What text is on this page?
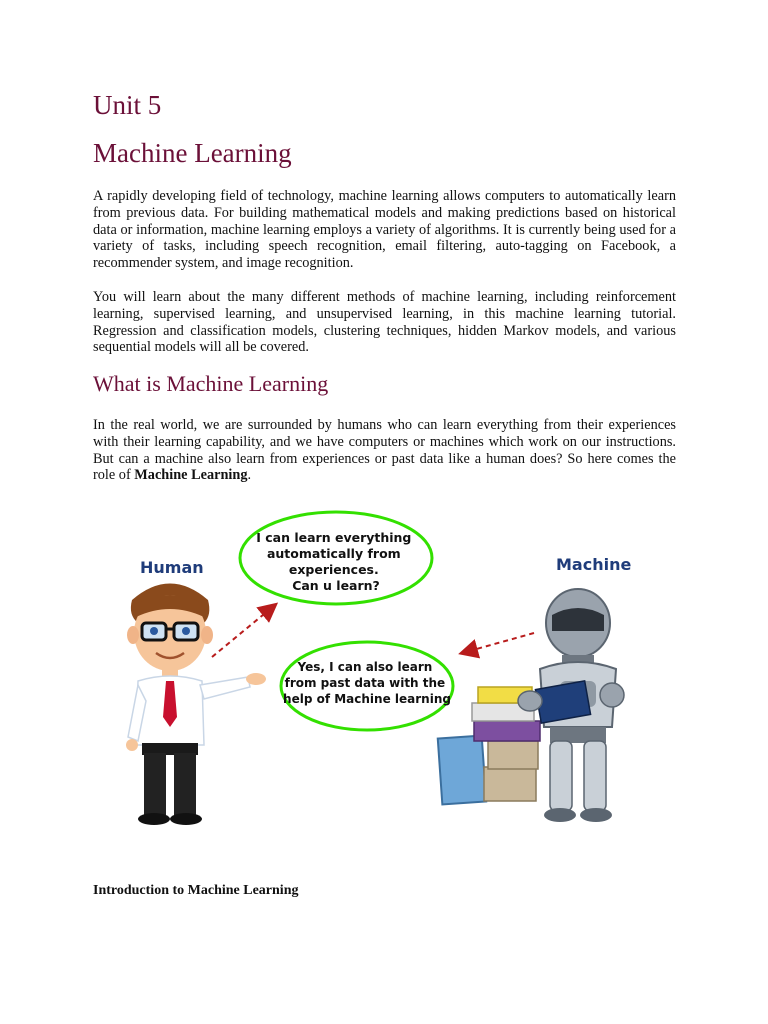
Unit 5
Machine Learning

A rapidly developing field of technology, machine learning allows computers to automatically learn from previous data. For building mathematical models and making predictions based on historical data or information, machine learning employs a variety of algorithms. It is currently being used for a variety of tasks, including speech recognition, email filtering, auto-tagging on Facebook, a recommender system, and image recognition.

You will learn about the many different methods of machine learning, including reinforcement learning, supervised learning, and unsupervised learning, in this machine learning tutorial. Regression and classification models, clustering techniques, hidden Markov models, and various sequential models will all be covered.

What is Machine Learning

In the real world, we are surrounded by humans who can learn everything from their experiences with their learning capability, and we have computers or machines which work on our instructions. But can a machine also learn from experiences or past data like a human does? So here comes the role of Machine Learning.

Human	Machine
I can learn everything automatically from experiences. Can u learn?
Yes, I can also learn from past data with the help of Machine learning

Introduction to Machine Learning
